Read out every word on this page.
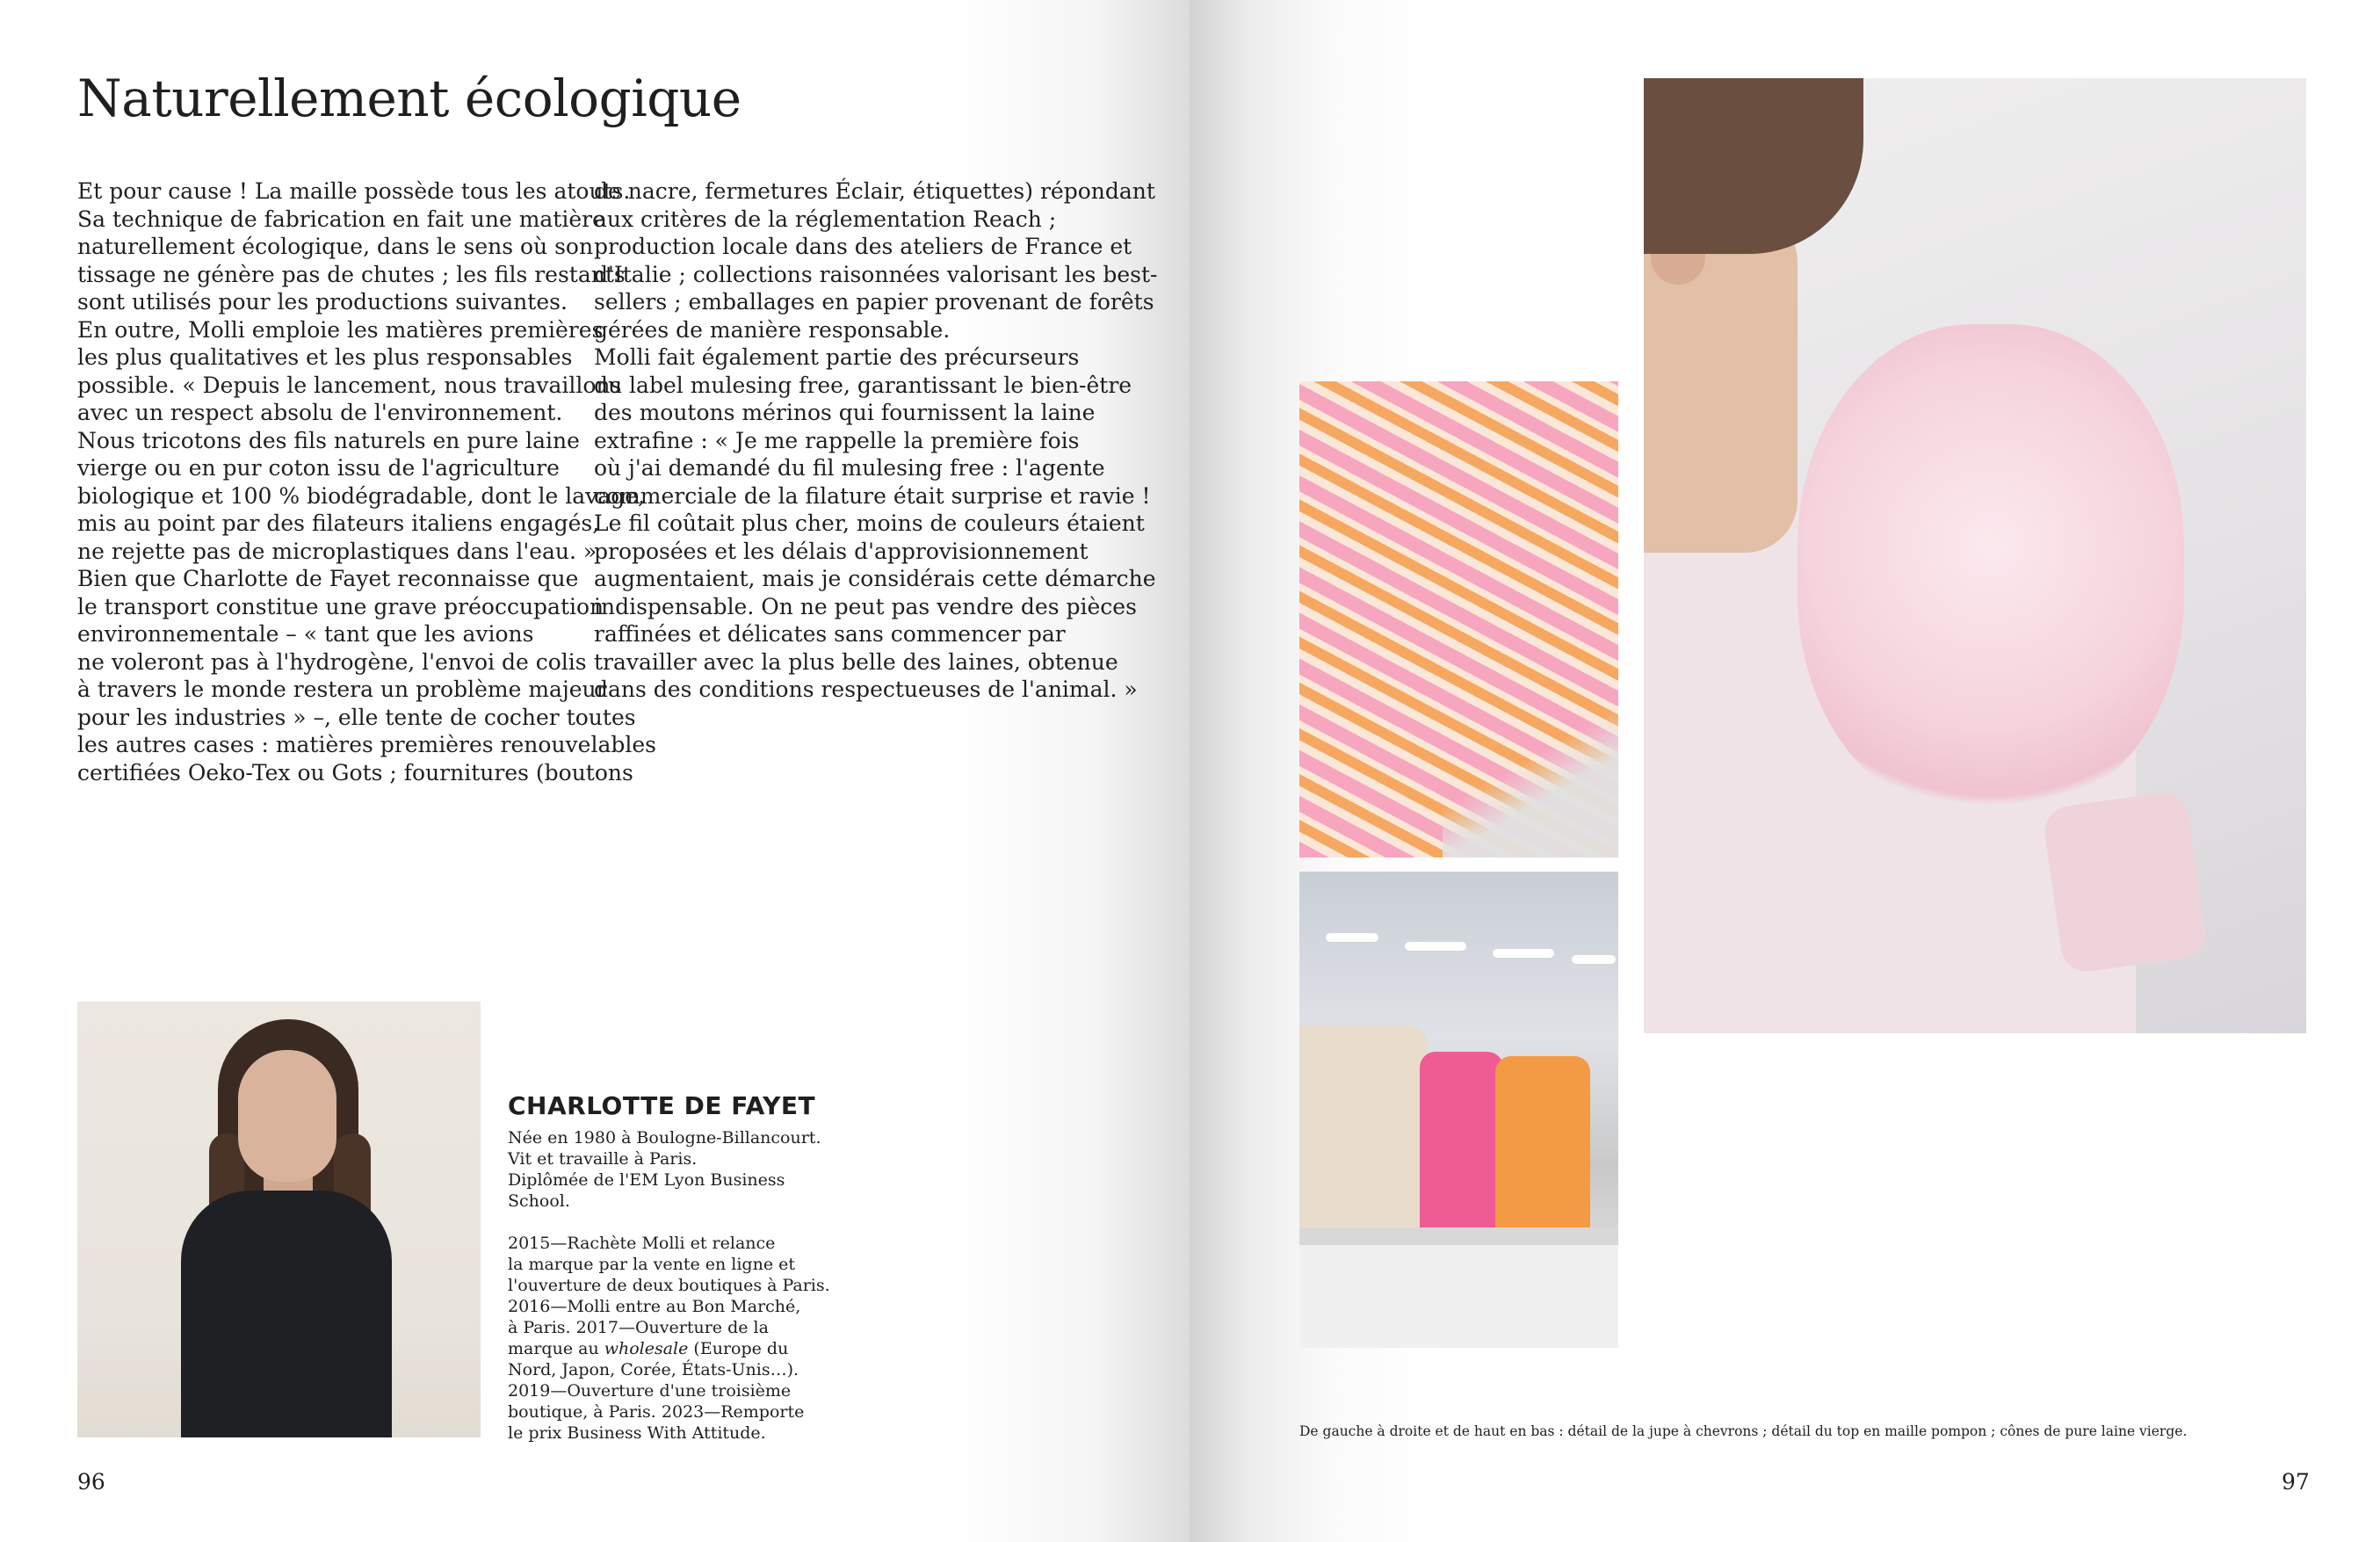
Naturellement écologique
Et pour cause ! La maille possède tous les atouts.
Sa technique de fabrication en fait une matière
naturellement écologique, dans le sens où son
tissage ne génère pas de chutes ; les fils restants
sont utilisés pour les productions suivantes.
En outre, Molli emploie les matières premières
les plus qualitatives et les plus responsables
possible. « Depuis le lancement, nous travaillons
avec un respect absolu de l'environnement.
Nous tricotons des fils naturels en pure laine
vierge ou en pur coton issu de l'agriculture
biologique et 100 % biodégradable, dont le lavage,
mis au point par des filateurs italiens engagés,
ne rejette pas de microplastiques dans l'eau. »
Bien que Charlotte de Fayet reconnaisse que
le transport constitue une grave préoccupation
environnementale – « tant que les avions
ne voleront pas à l'hydrogène, l'envoi de colis
à travers le monde restera un problème majeur
pour les industries » –, elle tente de cocher toutes
les autres cases : matières premières renouvelables
certifiées Oeko-Tex ou Gots ; fournitures (boutons
de nacre, fermetures Éclair, étiquettes) répondant
aux critères de la réglementation Reach ;
production locale dans des ateliers de France et
d'Italie ; collections raisonnées valorisant les best-
sellers ; emballages en papier provenant de forêts
gérées de manière responsable.
Molli fait également partie des précurseurs
du label mulesing free, garantissant le bien-être
des moutons mérinos qui fournissent la laine
extrafine : « Je me rappelle la première fois
où j'ai demandé du fil mulesing free : l'agente
commerciale de la filature était surprise et ravie !
Le fil coûtait plus cher, moins de couleurs étaient
proposées et les délais d'approvisionnement
augmentaient, mais je considérais cette démarche
indispensable. On ne peut pas vendre des pièces
raffinées et délicates sans commencer par
travailler avec la plus belle des laines, obtenue
dans des conditions respectueuses de l'animal. »
CHARLOTTE DE FAYET
Née en 1980 à Boulogne-Billancourt.
Vit et travaille à Paris.
Diplômée de l'EM Lyon Business
School.
2015—Rachète Molli et relance
la marque par la vente en ligne et
l'ouverture de deux boutiques à Paris.
2016—Molli entre au Bon Marché,
à Paris. 2017—Ouverture de la
marque au wholesale (Europe du
Nord, Japon, Corée, États-Unis…).
2019—Ouverture d'une troisième
boutique, à Paris. 2023—Remporte
le prix Business With Attitude.
96
De gauche à droite et de haut en bas : détail de la jupe à chevrons ; détail du top en maille pompon ; cônes de pure laine vierge.
97
